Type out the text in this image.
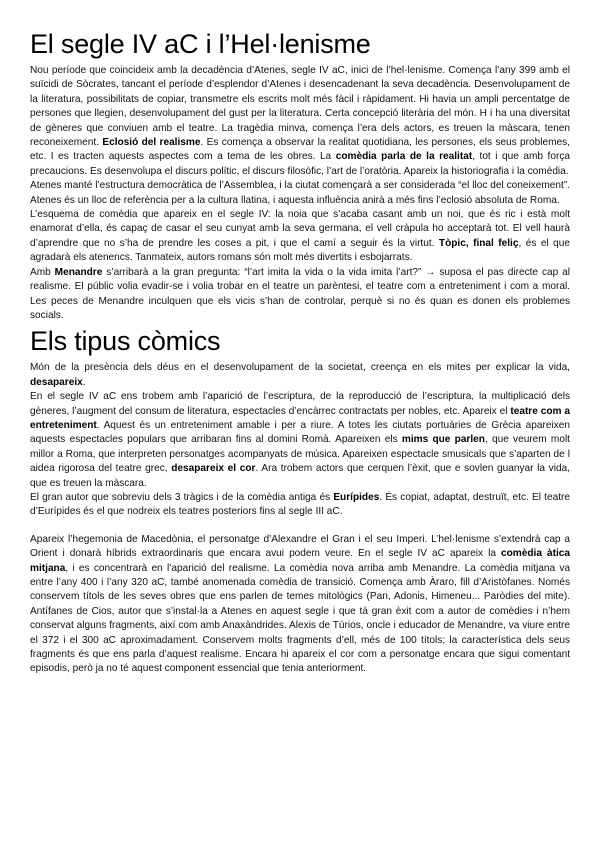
El segle IV aC i l’Hel·lenisme

Nou període que coincideix amb la decadència d’Atenes, segle IV aC, inici de l’hel·lenisme. Comença l’any 399 amb el suïcidi de Sòcrates, tancant el període d’esplendor d’Atenes i desencadenant la seva decadència. Desenvolupament de la literatura, possibilitats de copiar, transmetre els escrits molt més fàcil i ràpidament. Hi havia un ampli percentatge de persones que llegien, desenvolupament del gust per la literatura. Certa concepció literària del món. H i ha una diversitat de gèneres que conviuen amb el teatre. La tragèdia minva, comença l’era dels actors, es treuen la màscara, tenen reconeixement. Eclosió del realisme. Es comença a observar la realitat quotidiana, les persones, els seus problemes, etc. I es tracten aquests aspectes com a tema de les obres. La comèdia parla de la realitat, tot i que amb força precaucions. Es desenvolupa el discurs polític, el discurs filosòfic, l’art de l’oratòria. Apareix la historiografia i la comèdia.

Atenes manté l’estructura democràtica de l’Assemblea, i la ciutat començarà a ser considerada “el lloc del coneixement”. Atenes és un lloc de referència per a la cultura llatina, i aquesta influència anirà a més fins l’eclosió absoluta de Roma.

L’esquema de comèdia que apareix en el segle IV: la noia que s’acaba casant amb un noi, que és ric i està molt enamorat d’ella, és capaç de casar el seu cunyat amb la seva germana, el vell cràpula ho acceptarà tot. El vell haurà d’aprendre que no s’ha de prendre les coses a pit, i que el camí a seguir és la virtut. Tòpic, final feliç, és el que agradarà els atenencs. Tanmateix, autors romans són molt més divertits i esbojarrats.

Amb Menandre s’arribarà a la gran pregunta: “l’art imita la vida o la vida imita l’art?” → suposa el pas directe cap al realisme. El públic volia evadir-se i volia trobar en el teatre un parèntesi, el teatre com a entreteniment i com a moral. Les peces de Menandre inculquen que els vicis s’han de controlar, perquè si no és quan es donen els problemes socials.

Els tipus còmics

Món de la presència dels déus en el desenvolupament de la societat, creença en els mites per explicar la vida, desapareix.

En el segle IV aC ens trobem amb l’aparició de l’escriptura, de la reproducció de l’escriptura, la multiplicació dels gèneres, l’augment del consum de literatura, espectacles d’encàrrec contractats per nobles, etc. Apareix el teatre com a entreteniment. Aquest és un entreteniment amable i per a riure. A totes les ciutats portuàries de Grècia apareixen aquests espectacles populars que arribaran fins al domini Romà. Apareixen els mims que parlen, que veurem molt millor a Roma, que interpreten personatges acompanyats de música. Apareixen espectacle smusicals que s’aparten de l aidea rigorosa del teatre grec, desapareix el cor. Ara trobem actors que cerquen l’èxit, que e sovlen guanyar la vida, que es treuen la màscara.

El gran autor que sobreviu dels 3 tràgics i de la comèdia antiga és Eurípides. És copiat, adaptat, destruït, etc. El teatre d’Eurípides és el que nodreix els teatres posteriors fins al segle III aC.

Apareix l’hegemonia de Macedònia, el personatge d’Alexandre el Gran i el seu Imperi. L’hel·lenisme s’extendrà cap a Orient i donarà híbrids extraordinaris que encara avui podem veure. En el segle IV aC apareix la comèdia àtica mitjana, i es concentrarà en l’aparició del realisme. La comèdia nova arriba amb Menandre. La comèdia mitjana va entre l’any 400 i l’any 320 aC, també anomenada comèdia de transició. Comença amb Àraro, fill d’Aristòfanes. Només conservem títols de les seves obres que ens parlen de temes mitològics (Pan, Adonis, Himeneu... Paròdies del mite). Antífanes de Cios, autor que s’instal·la a Atenes en aquest segle i que tà gran èxit com a autor de comèdies i n’hem conservat alguns fragments, així com amb Anaxàndrides. Alexis de Túrios, oncle i educador de Menandre, va viure entre el 372 i el 300 aC aproximadament. Conservem molts fragments d’ell, més de 100 títols; la característica dels seus fragments és que ens parla d’aquest realisme. Encara hi apareix el cor com a personatge encara que sigui comentant episodis, però ja no té aquest component essencial que tenia anteriorment.
